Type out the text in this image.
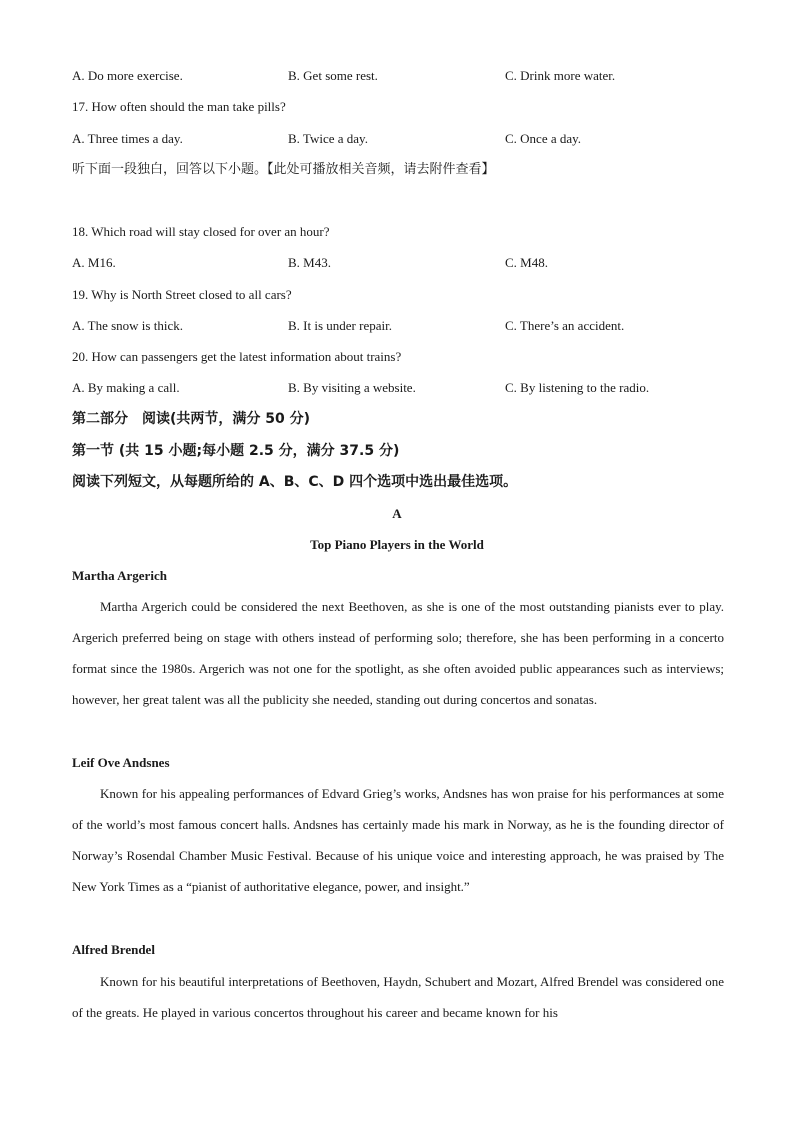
A. Do more exercise.	B. Get some rest.	C. Drink more water.
17. How often should the man take pills?
A. Three times a day.	B. Twice a day.	C. Once a day.
听下面一段独白，回答以下小题。【此处可播放相关音频，请去附件查看】
18. Which road will stay closed for over an hour?
A. M16.	B. M43.	C. M48.
19. Why is North Street closed to all cars?
A. The snow is thick.	B. It is under repair.	C. There’s an accident.
20. How can passengers get the latest information about trains?
A. By making a call.	B. By visiting a website.	C. By listening to the radio.
第二部分　阅读(共两节，满分 50 分)
第一节 (共 15 小题;每小题 2.5 分，满分 37.5 分)
阅读下列短文，从每题所给的 A、B、C、D 四个选项中选出最佳选项。
A
Top Piano Players in the World
Martha Argerich

Martha Argerich could be considered the next Beethoven, as she is one of the most outstanding pianists ever to play. Argerich preferred being on stage with others instead of performing solo; therefore, she has been performing in a concerto format since the 1980s. Argerich was not one for the spotlight, as she often avoided public appearances such as interviews; however, her great talent was all the publicity she needed, standing out during concertos and sonatas.

Leif Ove Andsnes

Known for his appealing performances of Edvard Grieg’s works, Andsnes has won praise for his performances at some of the world’s most famous concert halls. Andsnes has certainly made his mark in Norway, as he is the founding director of Norway’s Rosendal Chamber Music Festival. Because of his unique voice and interesting approach, he was praised by The New York Times as a “pianist of authoritative elegance, power, and insight.”

Alfred Brendel

Known for his beautiful interpretations of Beethoven, Haydn, Schubert and Mozart, Alfred Brendel was considered one of the greats. He played in various concertos throughout his career and became known for his
